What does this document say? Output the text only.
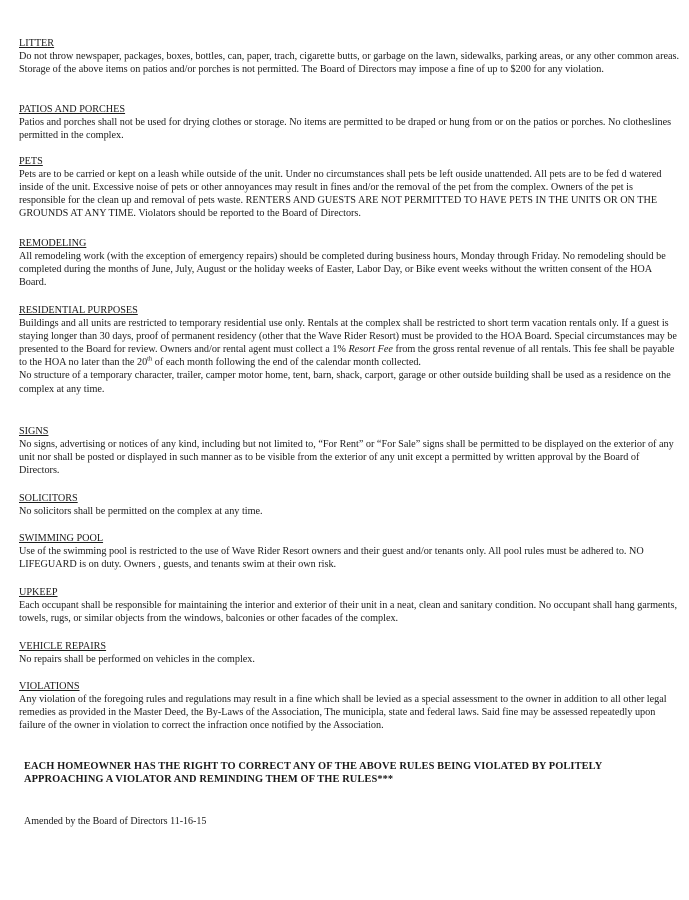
LITTER

Do not throw newspaper, packages, boxes, bottles, can, paper, trach, cigarette butts, or garbage on the lawn, sidewalks, parking areas, or any other common areas. Storage of the above items on patios and/or porches is not permitted. The Board of Directors may impose a fine of up to $200 for any violation.

PATIOS AND PORCHES

Patios and porches shall not be used for drying clothes or storage. No items are permitted to be draped or hung from or on the patios or porches. No clotheslines permitted in the complex.

PETS

Pets are to be carried or kept on a leash while outside of the unit. Under no circumstances shall pets be left ouside unattended. All pets are to be fed d watered inside of the unit. Excessive noise of pets or other annoyances may result in fines and/or the removal of the pet from the complex. Owners of the pet is responsible for the clean up and removal of pets waste. RENTERS AND GUESTS ARE NOT PERMITTED TO HAVE PETS IN THE UNITS OR ON THE GROUNDS AT ANY TIME. Violators should be reported to the Board of Directors.

REMODELING

All remodeling work (with the exception of emergency repairs) should be completed during business hours, Monday through Friday. No remodeling should be completed during the months of June, July, August or the holiday weeks of Easter, Labor Day, or Bike event weeks without the written consent of the HOA Board.

RESIDENTIAL PURPOSES

Buildings and all units are restricted to temporary residential use only. Rentals at the complex shall be restricted to short term vacation rentals only. If a guest is staying longer than 30 days, proof of permanent residency (other that the Wave Rider Resort) must be provided to the HOA Board. Special circumstances may be presented to the Board for review. Owners and/or rental agent must collect a 1% Resort Fee from the gross rental revenue of all rentals. This fee shall be payable to the HOA no later than the 20th of each month following the end of the calendar month collected.

No structure of a temporary character, trailer, camper motor home, tent, barn, shack, carport, garage or other outside building shall be used as a residence on the complex at any time.

SIGNS

No signs, advertising or notices of any kind, including but not limited to, “For Rent” or “For Sale” signs shall be permitted to be displayed on the exterior of any unit nor shall be posted or displayed in such manner as to be visible from the exterior of any unit except a permitted by written approval by the Board of Directors.

SOLICITORS

No solicitors shall be permitted on the complex at any time.

SWIMMING POOL

Use of the swimming pool is restricted to the use of Wave Rider Resort owners and their guest and/or tenants only. All pool rules must be adhered to. NO LIFEGUARD is on duty. Owners , guests, and tenants swim at their own risk.

UPKEEP

Each occupant shall be responsible for maintaining the interior and exterior of their unit in a neat, clean and sanitary condition. No occupant shall hang garments, towels, rugs, or similar objects from the windows, balconies or other facades of the complex.

VEHICLE REPAIRS

No repairs shall be performed on vehicles in the complex.

VIOLATIONS

Any violation of the foregoing rules and regulations may result in a fine which shall be levied as a special assessment to the owner in addition to all other legal remedies as provided in the Master Deed, the By-Laws of the Association, The municipla, state and federal laws. Said fine may be assessed repeatedly upon failure of the owner in violation to correct the infraction once notified by the Association.

EACH HOMEOWNER HAS THE RIGHT TO CORRECT ANY OF THE ABOVE RULES BEING VIOLATED BY POLITELY APPROACHING A VIOLATOR AND REMINDING THEM OF THE RULES***
Amended by the Board of Directors 11-16-15
